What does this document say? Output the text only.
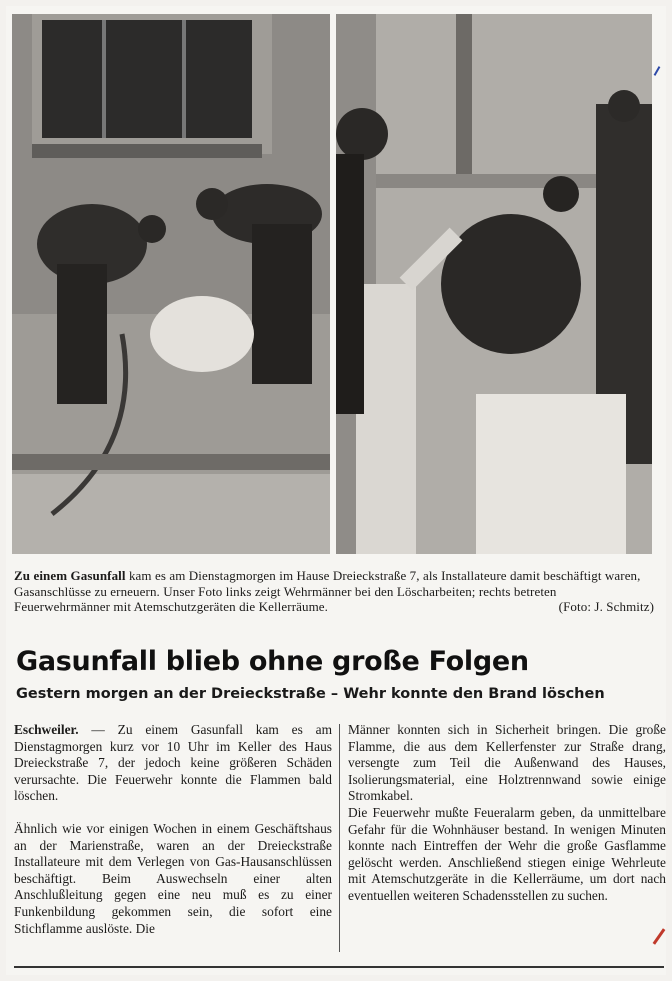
Zu einem Gasunfall kam es am Dienstagmorgen im Hause Dreieckstraße 7, als Installateure damit beschäftigt waren, Gasanschlüsse zu erneuern. Unser Foto links zeigt Wehrmänner bei den Löscharbeiten; rechts betreten Feuerwehrmänner mit Atemschutzgeräten die Kellerräume.	(Foto: J. Schmitz)
Gasunfall blieb ohne große Folgen
Gestern morgen an der Dreieckstraße – Wehr konnte den Brand löschen

Eschweiler. — Zu einem Gasunfall kam es am Dienstagmorgen kurz vor 10 Uhr im Keller des Haus Dreieckstraße 7, der jedoch keine größeren Schäden verursachte. Die Feuerwehr konnte die Flammen bald löschen.

Ähnlich wie vor einigen Wochen in einem Geschäftshaus an der Marienstraße, waren an der Dreieckstraße Installateure mit dem Verlegen von Gas-Hausanschlüssen beschäftigt. Beim Auswechseln einer alten Anschlußleitung gegen eine neu muß es zu einer Funkenbildung gekommen sein, die sofort eine Stichflamme auslöste. Die

Männer konnten sich in Sicherheit bringen. Die große Flamme, die aus dem Kellerfenster zur Straße drang, versengte zum Teil die Außenwand des Hauses, Isolierungsmaterial, eine Holztrennwand sowie einige Stromkabel.

Die Feuerwehr mußte Feueralarm geben, da unmittelbare Gefahr für die Wohnhäuser bestand. In wenigen Minuten konnte nach Eintreffen der Wehr die große Gasflamme gelöscht werden. Anschließend stiegen einige Wehrleute mit Atemschutzgeräte in die Kellerräume, um dort nach eventuellen weiteren Schadensstellen zu suchen.
